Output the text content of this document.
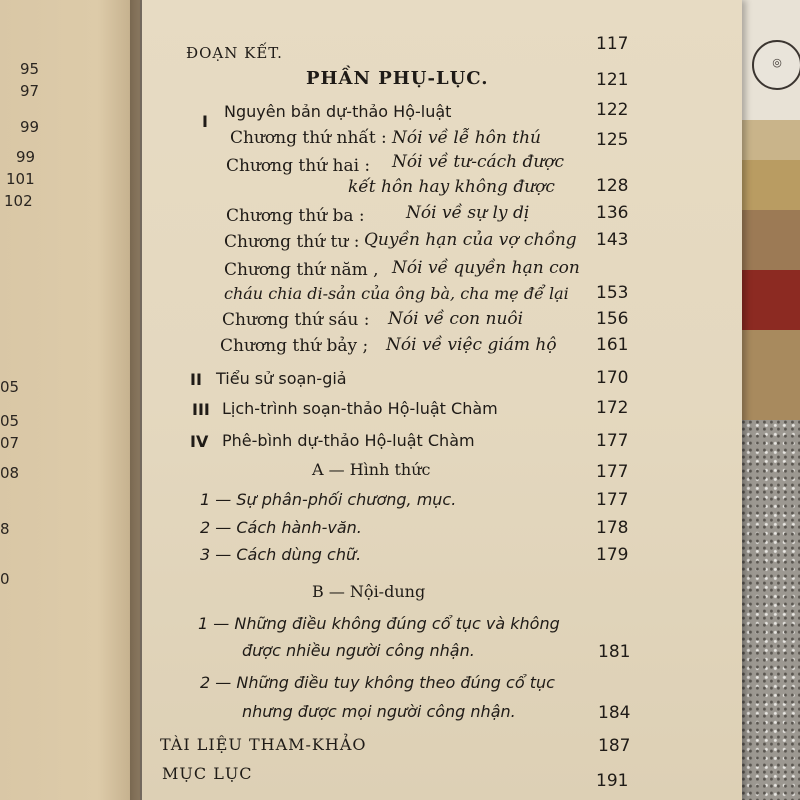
95
97
99
99
101
102
05
05
07
08
8
0
◎
ĐOẠN KẾT.	117
PHẦN PHỤ-LỤC.	121
I
Nguyên bản dự-thảo Hộ-luật	122
Chương thứ nhất : Nói về lễ hôn thú	125
Chương thứ hai : Nói về tư-cách được
kết hôn hay không được 128
Chương thứ ba : Nói về sự ly dị	136
Chương thứ tư : Quyền hạn của vợ chồng 143
Chương thứ năm , Nói về quyền hạn con
cháu chia di-sản của ông bà, cha mẹ để lại 153
Chương thứ sáu : Nói về con nuôi	156
Chương thứ bảy ; Nói về việc giám hộ 161
II Tiểu sử soạn-giả	170
III Lịch-trình soạn-thảo Hộ-luật Chàm	172
IV Phê-bình dự-thảo Hộ-luật Chàm	177
A — Hình thức	177
1 — Sự phân-phối chương, mục.	177
2 — Cách hành-văn.	178
3 — Cách dùng chữ.	179
B — Nội-dung
1 — Những điều không đúng cổ tục và không
được nhiều người công nhận.	181
2 — Những điều tuy không theo đúng cổ tục
nhưng được mọi người công nhận.	184
TÀI LIỆU THAM-KHẢO	187
MỤC LỤC	191
